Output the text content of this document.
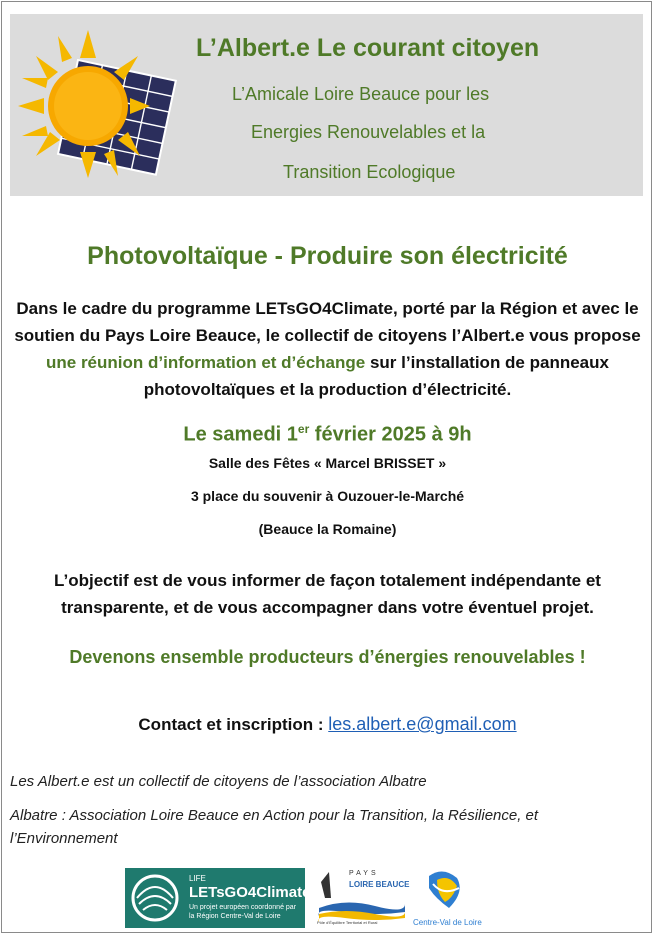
L’Albert.e Le courant citoyen
L’Amicale Loire Beauce pour les
Energies Renouvelables et la
Transition Ecologique
Photovoltaïque - Produire son électricité
Dans le cadre du programme LETsGO4Climate, porté par la Région et avec le soutien du Pays Loire Beauce, le collectif de citoyens l’Albert.e vous propose une réunion d’information et d’échange sur l’installation de panneaux photovoltaïques et la production d’électricité.
Le samedi 1er février 2025 à 9h
Salle des Fêtes « Marcel BRISSET »
3 place du souvenir à Ouzouer-le-Marché
(Beauce la Romaine)
L’objectif est de vous informer de façon totalement indépendante et transparente, et de vous accompagner dans votre éventuel projet.
Devenons ensemble producteurs d’énergies renouvelables !
Contact et inscription : les.albert.e@gmail.com
Les Albert.e est un collectif de citoyens de l’association Albatre
Albatre : Association Loire Beauce en Action pour la Transition, la Résilience, et l’Environnement
LIFE
LETsGO4Climate
Un projet européen coordonné par
la Région Centre-Val de Loire
PAYS
LOIRE BEAUCE
Pôle d’Équilibre Territorial et Rural	Centre-Val de Loire
